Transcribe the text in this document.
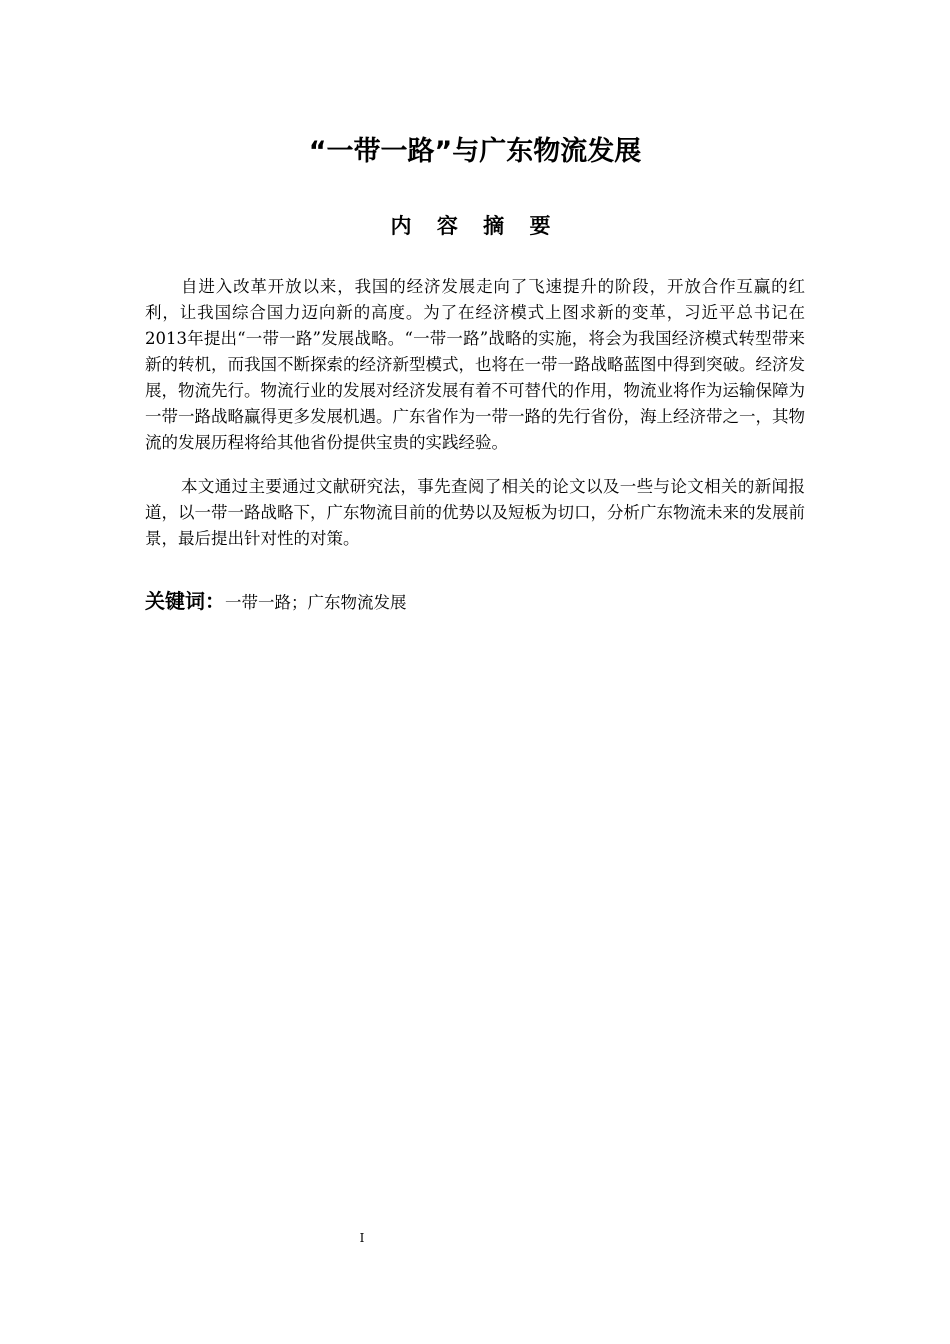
“一带一路”与广东物流发展
内 容 摘 要

自进入改革开放以来，我国的经济发展走向了飞速提升的阶段，开放合作互赢的红利，让我国综合国力迈向新的高度。为了在经济模式上图求新的变革，习近平总书记在2013年提出“一带一路”发展战略。“一带一路”战略的实施，将会为我国经济模式转型带来新的转机，而我国不断探索的经济新型模式，也将在一带一路战略蓝图中得到突破。经济发展，物流先行。物流行业的发展对经济发展有着不可替代的作用，物流业将作为运输保障为一带一路战略赢得更多发展机遇。广东省作为一带一路的先行省份，海上经济带之一，其物流的发展历程将给其他省份提供宝贵的实践经验。

本文通过主要通过文献研究法，事先查阅了相关的论文以及一些与论文相关的新闻报道，以一带一路战略下，广东物流目前的优势以及短板为切口，分析广东物流未来的发展前景，最后提出针对性的对策。

关键词：一带一路；广东物流发展
I
